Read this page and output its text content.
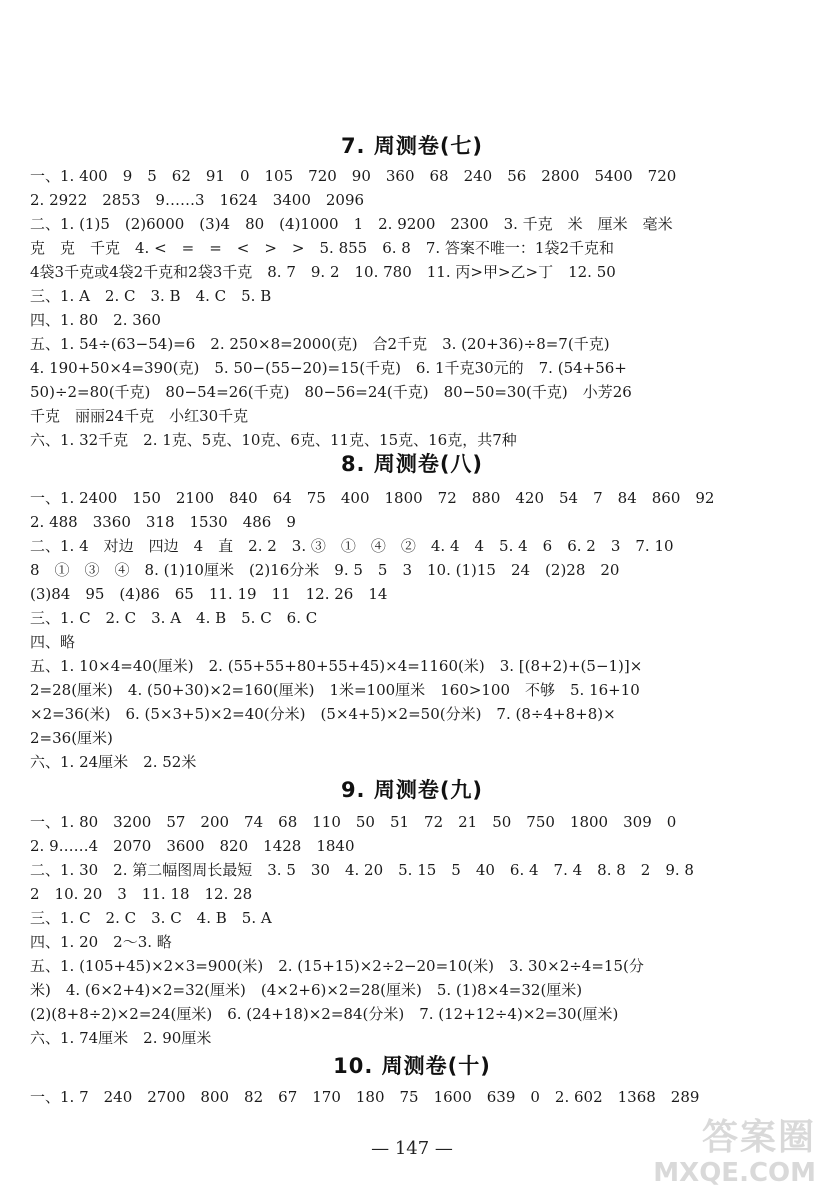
7. 周测卷(七)
一、1. 400　9　5　62　91　0　105　720　90　360　68　240　56　2800　5400　720
2. 2922　2853　9……3　1624　3400　2096
二、1. (1)5　(2)6000　(3)4　80　(4)1000　1　2. 9200　2300　3. 千克　米　厘米　毫米
克　克　千克　4. <　=　=　<　>　>　5. 855　6. 8　7. 答案不唯一：1袋2千克和
4袋3千克或4袋2千克和2袋3千克　8. 7　9. 2　10. 780　11. 丙>甲>乙>丁　12. 50
三、1. A　2. C　3. B　4. C　5. B
四、1. 80　2. 360
五、1. 54÷(63−54)=6　2. 250×8=2000(克)　合2千克　3. (20+36)÷8=7(千克)
4. 190+50×4=390(克)　5. 50−(55−20)=15(千克)　6. 1千克30元的　7. (54+56+
50)÷2=80(千克)　80−54=26(千克)　80−56=24(千克)　80−50=30(千克)　小芳26
千克　丽丽24千克　小红30千克
六、1. 32千克　2. 1克、5克、10克、6克、11克、15克、16克，共7种
8. 周测卷(八)
一、1. 2400　150　2100　840　64　75　400　1800　72　880　420　54　7　84　860　92
2. 488　3360　318　1530　486　9
二、1. 4　对边　四边　4　直　2. 2　3. ③　①　④　②　4. 4　4　5. 4　6　6. 2　3　7. 10
8　①　③　④　8. (1)10厘米　(2)16分米　9. 5　5　3　10. (1)15　24　(2)28　20
(3)84　95　(4)86　65　11. 19　11　12. 26　14
三、1. C　2. C　3. A　4. B　5. C　6. C
四、略
五、1. 10×4=40(厘米)　2. (55+55+80+55+45)×4=1160(米)　3. [(8+2)+(5−1)]×
2=28(厘米)　4. (50+30)×2=160(厘米)　1米=100厘米　160>100　不够　5. 16+10
×2=36(米)　6. (5×3+5)×2=40(分米)　(5×4+5)×2=50(分米)　7. (8÷4+8+8)×
2=36(厘米)
六、1. 24厘米　2. 52米
9. 周测卷(九)
一、1. 80　3200　57　200　74　68　110　50　51　72　21　50　750　1800　309　0
2. 9……4　2070　3600　820　1428　1840
二、1. 30　2. 第二幅图周长最短　3. 5　30　4. 20　5. 15　5　40　6. 4　7. 4　8. 8　2　9. 8
2　10. 20　3　11. 18　12. 28
三、1. C　2. C　3. C　4. B　5. A
四、1. 20　2～3. 略
五、1. (105+45)×2×3=900(米)　2. (15+15)×2÷2−20=10(米)　3. 30×2÷4=15(分
米)　4. (6×2+4)×2=32(厘米)　(4×2+6)×2=28(厘米)　5. (1)8×4=32(厘米)
(2)(8+8÷2)×2=24(厘米)　6. (24+18)×2=84(分米)　7. (12+12÷4)×2=30(厘米)
六、1. 74厘米　2. 90厘米
10. 周测卷(十)
一、1. 7　240　2700　800　82　67　170　180　75　1600　639　0　2. 602　1368　289
— 147 —	答案圈
MXQE.COM
